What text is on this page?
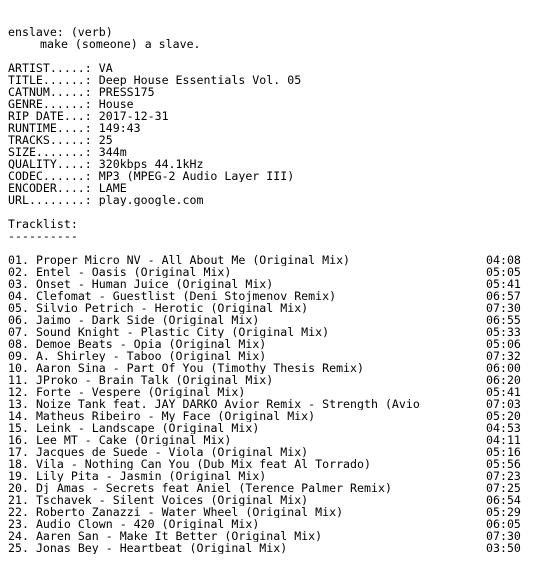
enslave: (verb)
make (someone) a slave.
ARTIST.....: VA
TITLE......: Deep House Essentials Vol. 05
CATNUM.....: PRESS175
GENRE......: House
RIP DATE...: 2017-12-31
RUNTIME....: 149:43
TRACKS.....: 25
SIZE.......: 344m
QUALITY....: 320kbps 44.1kHz
CODEC......: MP3 (MPEG-2 Audio Layer III)
ENCODER....: LAME
URL........: play.google.com
Tracklist:
----------
01. Proper Micro NV - All About Me (Original Mix)	04:08
02. Entel - Oasis (Original Mix)	05:05
03. Onset - Human Juice (Original Mix)	05:41
04. Clefomat - Guestlist (Deni Stojmenov Remix)	06:57
05. Silvio Petrich - Herotic (Original Mix)	07:30
06. Jaimo - Dark Side (Original Mix)	06:55
07. Sound Knight - Plastic City (Original Mix)	05:33
08. Demoe Beats - Opia (Original Mix)	05:06
09. A. Shirley - Taboo (Original Mix)	07:32
10. Aaron Sina - Part Of You (Timothy Thesis Remix)	06:00
11. JProko - Brain Talk (Original Mix)	06:20
12. Forte - Vespere (Original Mix)	05:41
13. Noize Tank feat. JAY DARKO Avior Remix - Strength (Avio	07:03
14. Matheus Ribeiro - My Face (Original Mix)	05:20
15. Leink - Landscape (Original Mix)	04:53
16. Lee MT - Cake (Original Mix)	04:11
17. Jacques de Suede - Viola (Original Mix)	05:16
18. Vila - Nothing Can You (Dub Mix feat Al Torrado)	05:56
19. Lily Pita - Jasmin (Original Mix)	07:23
20. Dj Amas - Secrets feat Aniel (Terence Palmer Remix)	07:25
21. Tschavek - Silent Voices (Original Mix)	06:54
22. Roberto Zanazzi - Water Wheel (Original Mix)	05:29
23. Audio Clown - 420 (Original Mix)	06:05
24. Aaren San - Make It Better (Original Mix)	07:30
25. Jonas Bey - Heartbeat (Original Mix)	03:50
